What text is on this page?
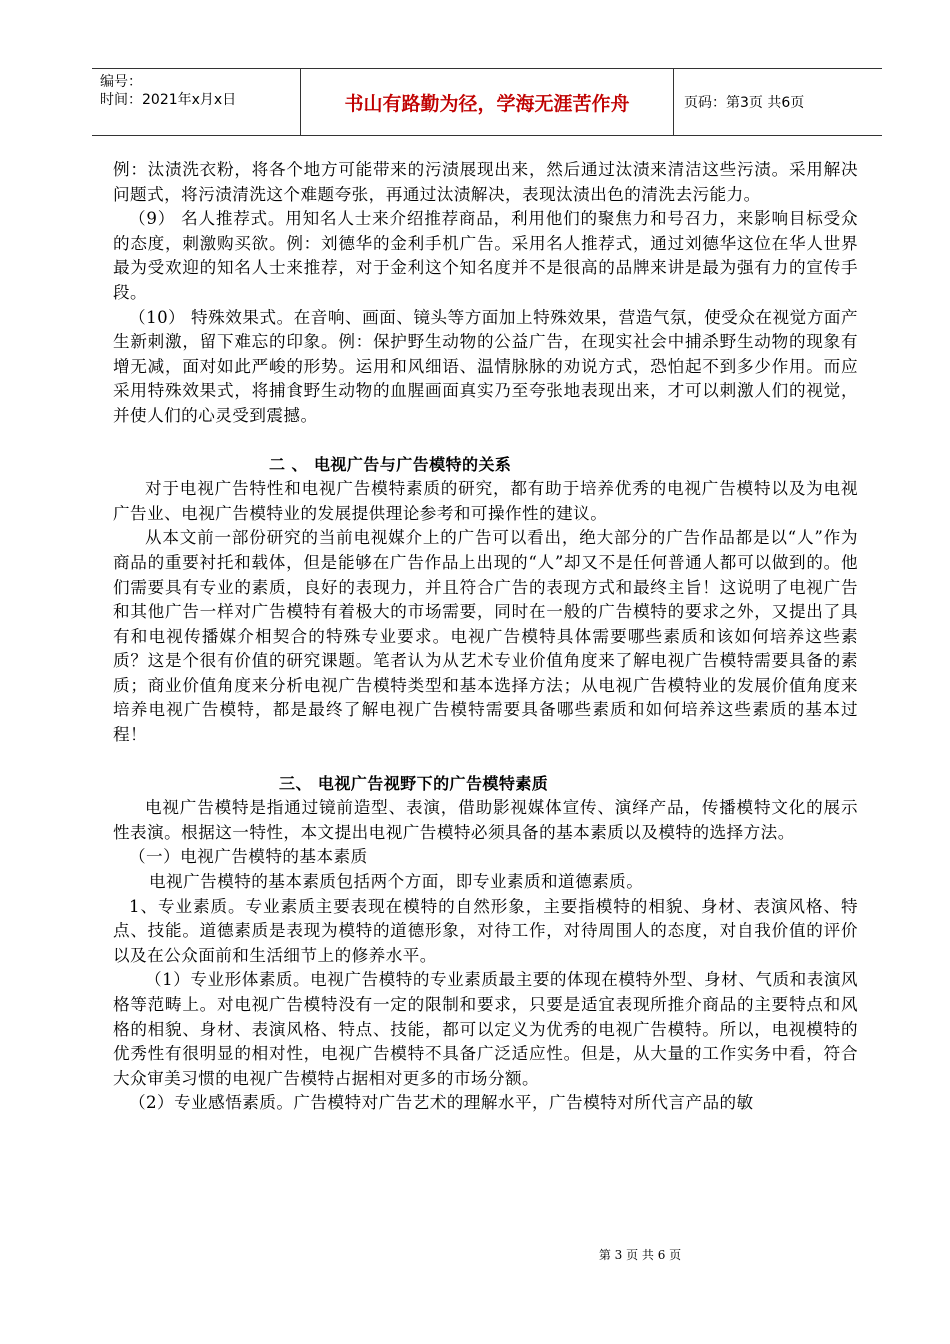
编号：
时间：2021年x月x日	书山有路勤为径，学海无涯苦作舟	页码：第3页 共6页

例：汰渍洗衣粉，将各个地方可能带来的污渍展现出来，然后通过汰渍来清洁这些污渍。采用解决问题式，将污渍清洗这个难题夸张，再通过汰渍解决，表现汰渍出色的清洗去污能力。

（9） 名人推荐式。用知名人士来介绍推荐商品，利用他们的聚焦力和号召力，来影响目标受众的态度，刺激购买欲。例：刘德华的金利手机广告。采用名人推荐式，通过刘德华这位在华人世界最为受欢迎的知名人士来推荐，对于金利这个知名度并不是很高的品牌来讲是最为强有力的宣传手段。

（10） 特殊效果式。在音响、画面、镜头等方面加上特殊效果，营造气氛，使受众在视觉方面产生新刺激，留下难忘的印象。例：保护野生动物的公益广告，在现实社会中捕杀野生动物的现象有增无减，面对如此严峻的形势。运用和风细语、温情脉脉的劝说方式，恐怕起不到多少作用。而应采用特殊效果式，将捕食野生动物的血腥画面真实乃至夸张地表现出来，才可以刺激人们的视觉，并使人们的心灵受到震撼。

二 、 电视广告与广告模特的关系

对于电视广告特性和电视广告模特素质的研究，都有助于培养优秀的电视广告模特以及为电视广告业、电视广告模特业的发展提供理论参考和可操作性的建议。

从本文前一部份研究的当前电视媒介上的广告可以看出，绝大部分的广告作品都是以“人”作为商品的重要衬托和载体，但是能够在广告作品上出现的“人”却又不是任何普通人都可以做到的。他们需要具有专业的素质，良好的表现力，并且符合广告的表现方式和最终主旨！这说明了电视广告和其他广告一样对广告模特有着极大的市场需要，同时在一般的广告模特的要求之外，又提出了具有和电视传播媒介相契合的特殊专业要求。电视广告模特具体需要哪些素质和该如何培养这些素质？这是个很有价值的研究课题。笔者认为从艺术专业价值角度来了解电视广告模特需要具备的素质；商业价值角度来分析电视广告模特类型和基本选择方法；从电视广告模特业的发展价值角度来培养电视广告模特，都是最终了解电视广告模特需要具备哪些素质和如何培养这些素质的基本过程！

三、 电视广告视野下的广告模特素质

电视广告模特是指通过镜前造型、表演，借助影视媒体宣传、演绎产品，传播模特文化的展示性表演。根据这一特性，本文提出电视广告模特必须具备的基本素质以及模特的选择方法。

（一）电视广告模特的基本素质

电视广告模特的基本素质包括两个方面，即专业素质和道德素质。

1、专业素质。专业素质主要表现在模特的自然形象，主要指模特的相貌、身材、表演风格、特点、技能。道德素质是表现为模特的道德形象，对待工作，对待周围人的态度，对自我价值的评价以及在公众面前和生活细节上的修养水平。

（1）专业形体素质。电视广告模特的专业素质最主要的体现在模特外型、身材、气质和表演风格等范畴上。对电视广告模特没有一定的限制和要求，只要是适宜表现所推介商品的主要特点和风格的相貌、身材、表演风格、特点、技能，都可以定义为优秀的电视广告模特。所以，电视模特的优秀性有很明显的相对性，电视广告模特不具备广泛适应性。但是，从大量的工作实务中看，符合大众审美习惯的电视广告模特占据相对更多的市场分额。

（2）专业感悟素质。广告模特对广告艺术的理解水平，广告模特对所代言产品的敏

第 3 页 共 6 页
